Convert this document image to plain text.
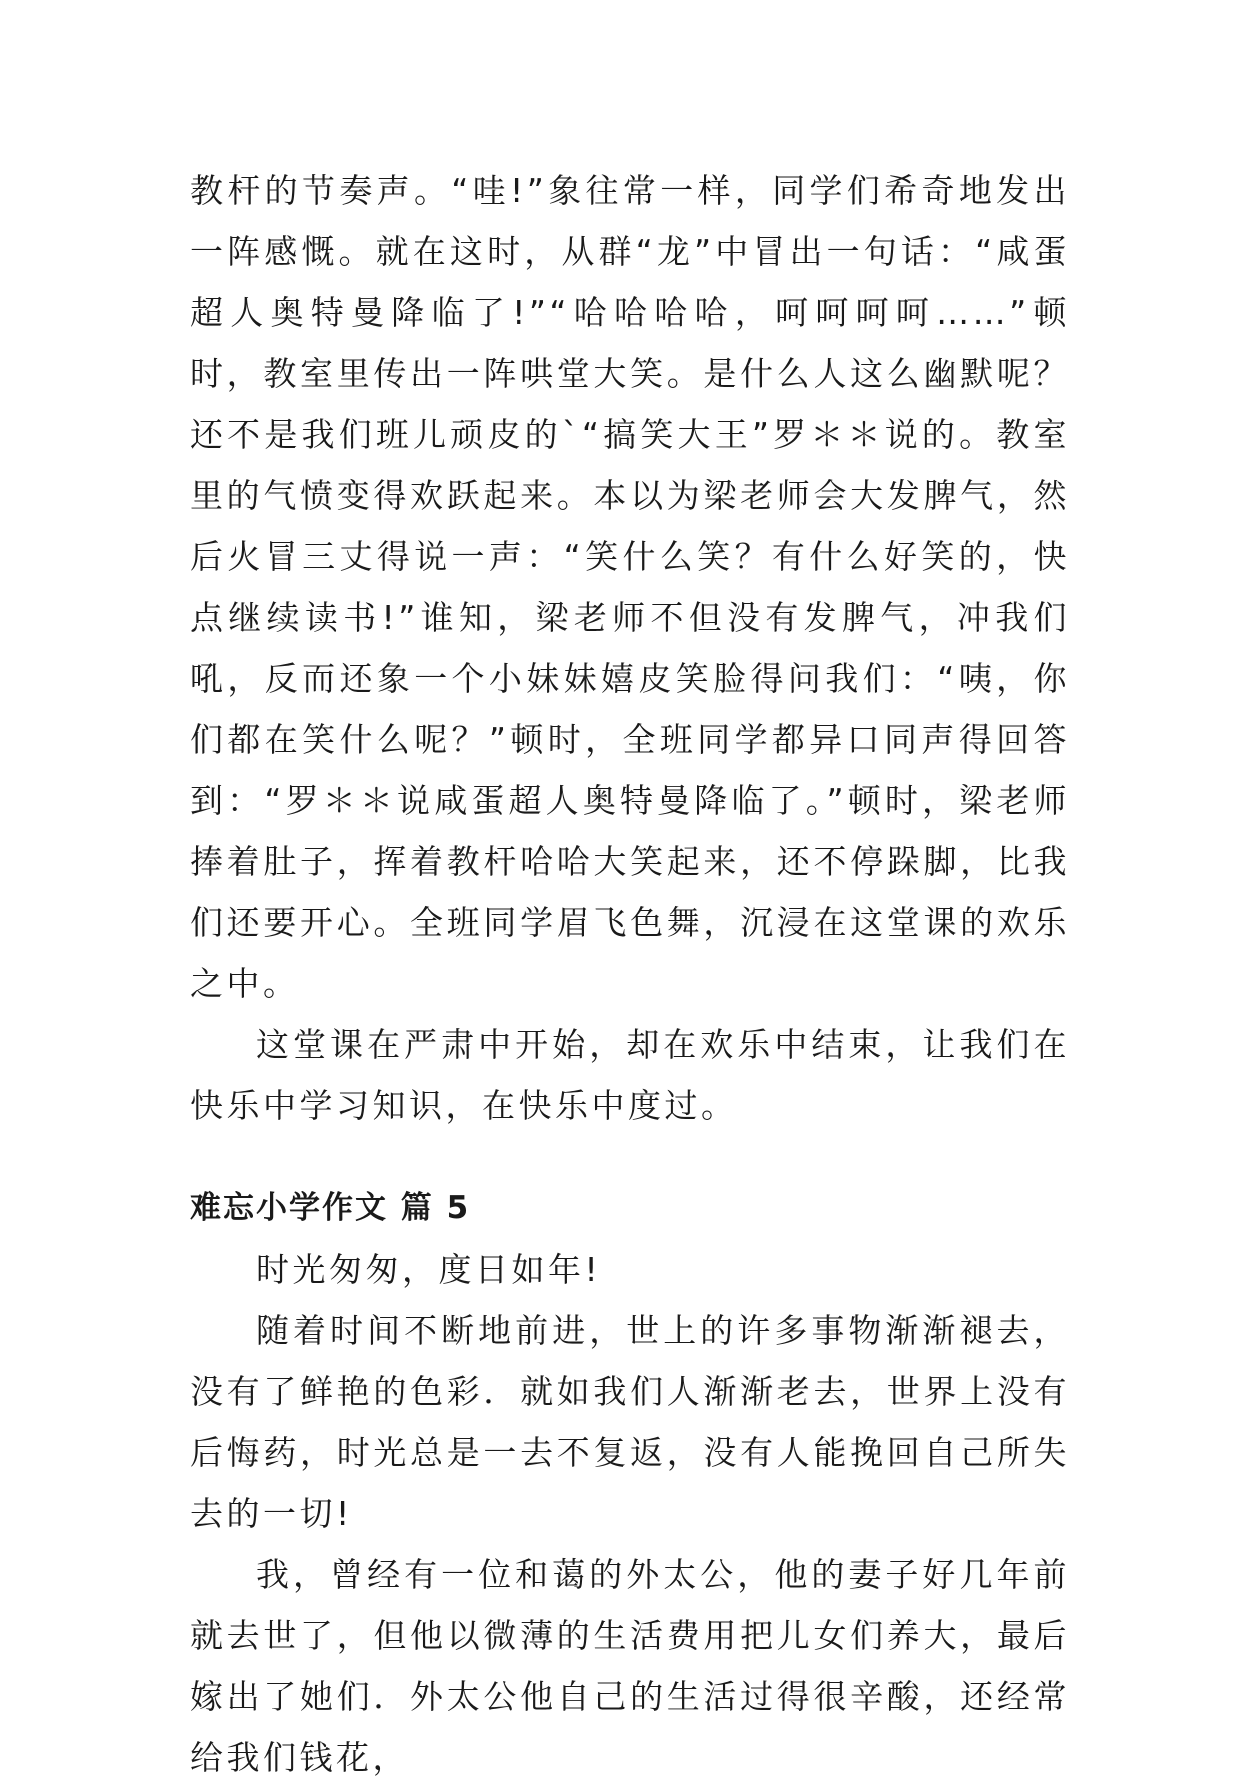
教杆的节奏声。“哇!”象往常一样，同学们希奇地发出一阵感慨。就在这时，从群“龙”中冒出一句话：“咸蛋超人奥特曼降临了!”“哈哈哈哈，呵呵呵呵……”顿时，教室里传出一阵哄堂大笑。是什么人这么幽默呢？还不是我们班儿顽皮的`“搞笑大王”罗＊＊说的。教室里的气愤变得欢跃起来。本以为梁老师会大发脾气，然后火冒三丈得说一声：“笑什么笑？有什么好笑的，快点继续读书!”谁知，梁老师不但没有发脾气，冲我们吼，反而还象一个小妹妹嬉皮笑脸得问我们：“咦，你们都在笑什么呢？”顿时，全班同学都异口同声得回答到：“罗＊＊说咸蛋超人奥特曼降临了。”顿时，梁老师捧着肚子，挥着教杆哈哈大笑起来，还不停跺脚，比我们还要开心。全班同学眉飞色舞，沉浸在这堂课的欢乐之中。

这堂课在严肃中开始，却在欢乐中结束，让我们在快乐中学习知识，在快乐中度过。

难忘小学作文 篇 5

时光匆匆，度日如年!

随着时间不断地前进，世上的许多事物渐渐褪去，没有了鲜艳的色彩．就如我们人渐渐老去，世界上没有后悔药，时光总是一去不复返，没有人能挽回自己所失去的一切!

我，曾经有一位和蔼的外太公，他的妻子好几年前就去世了，但他以微薄的生活费用把儿女们养大，最后嫁出了她们．外太公他自己的生活过得很辛酸，还经常给我们钱花，
